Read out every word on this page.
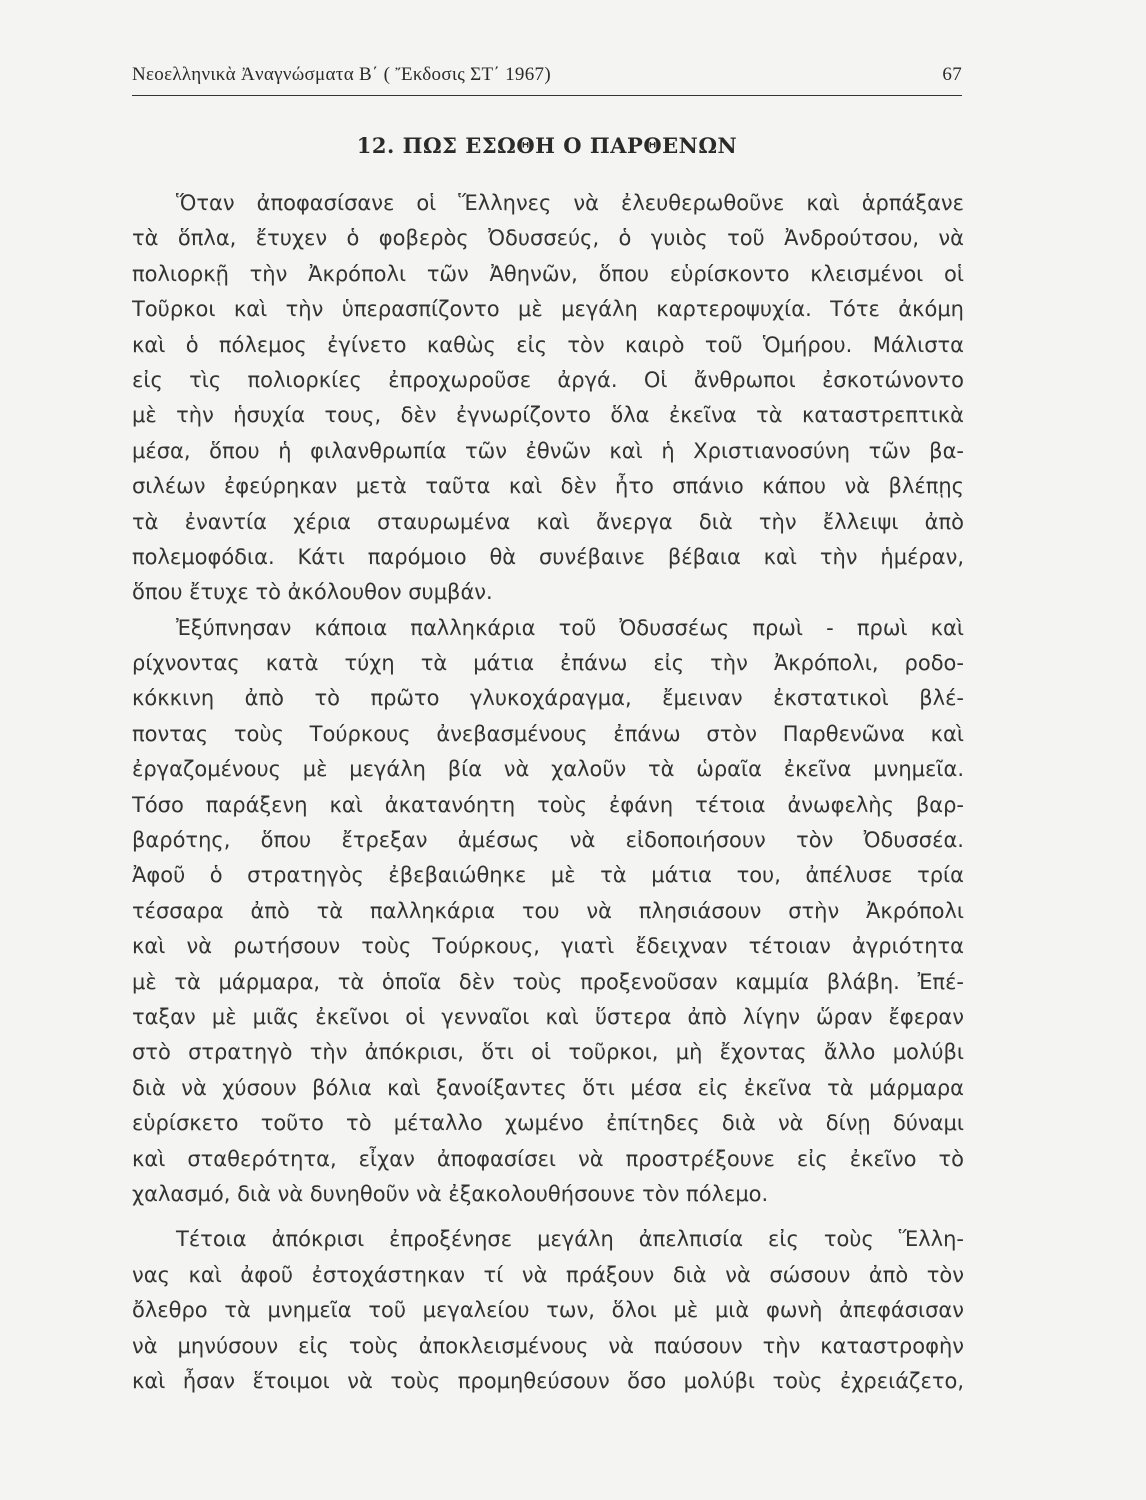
Νεοελληνικὰ Ἀναγνώσματα Β΄ ( Ἔκδοσις ΣΤ΄ 1967)	67
12. ΠΩΣ ΕΣΩΘΗ Ο ΠΑΡΘΕΝΩΝ
Ὅταν ἀποφασίσανε οἱ Ἕλληνες νὰ ἐλευθερωθοῦνε καὶ ἁρπάξανε
τὰ ὅπλα, ἔτυχεν ὁ φοβερὸς Ὀδυσσεύς, ὁ γυιὸς τοῦ Ἀνδρούτσου, νὰ
πολιορκῇ τὴν Ἀκρόπολι τῶν Ἀθηνῶν, ὅπου εὑρίσκοντο κλεισμένοι οἱ
Τοῦρκοι καὶ τὴν ὑπερασπίζοντο μὲ μεγάλη καρτεροψυχία. Τότε ἀκόμη
καὶ ὁ πόλεμος ἐγίνετο καθὼς εἰς τὸν καιρὸ τοῦ Ὁμήρου. Μάλιστα
εἰς τὶς πολιορκίες ἐπροχωροῦσε ἀργά. Οἱ ἄνθρωποι ἐσκοτώνοντο
μὲ τὴν ἡσυχία τους, δὲν ἐγνωρίζοντο ὅλα ἐκεῖνα τὰ καταστρεπτικὰ
μέσα, ὅπου ἡ φιλανθρωπία τῶν ἐθνῶν καὶ ἡ Χριστιανοσύνη τῶν βα-
σιλέων ἐφεύρηκαν μετὰ ταῦτα καὶ δὲν ἦτο σπάνιο κάπου νὰ βλέπῃς
τὰ ἐναντία χέρια σταυρωμένα καὶ ἄνεργα διὰ τὴν ἔλλειψι ἀπὸ
πολεμοφόδια. Κάτι παρόμοιο θὰ συνέβαινε βέβαια καὶ τὴν ἡμέραν,
ὅπου ἔτυχε τὸ ἀκόλουθον συμβάν.
Ἐξύπνησαν κάποια παλληκάρια τοῦ Ὀδυσσέως πρωὶ - πρωὶ καὶ
ρίχνοντας κατὰ τύχη τὰ μάτια ἐπάνω εἰς τὴν Ἀκρόπολι, ροδο-
κόκκινη ἀπὸ τὸ πρῶτο γλυκοχάραγμα, ἔμειναν ἐκστατικοὶ βλέ-
ποντας τοὺς Τούρκους ἀνεβασμένους ἐπάνω στὸν Παρθενῶνα καὶ
ἐργαζομένους μὲ μεγάλη βία νὰ χαλοῦν τὰ ὡραῖα ἐκεῖνα μνημεῖα.
Τόσο παράξενη καὶ ἀκατανόητη τοὺς ἐφάνη τέτοια ἀνωφελὴς βαρ-
βαρότης, ὅπου ἔτρεξαν ἀμέσως νὰ εἰδοποιήσουν τὸν Ὀδυσσέα.
Ἀφοῦ ὁ στρατηγὸς ἐβεβαιώθηκε μὲ τὰ μάτια του, ἀπέλυσε τρία
τέσσαρα ἀπὸ τὰ παλληκάρια του νὰ πλησιάσουν στὴν Ἀκρόπολι
καὶ νὰ ρωτήσουν τοὺς Τούρκους, γιατὶ ἔδειχναν τέτοιαν ἀγριότητα
μὲ τὰ μάρμαρα, τὰ ὁποῖα δὲν τοὺς προξενοῦσαν καμμία βλάβη. Ἐπέ-
ταξαν μὲ μιᾶς ἐκεῖνοι οἱ γενναῖοι καὶ ὕστερα ἀπὸ λίγην ὥραν ἔφεραν
στὸ στρατηγὸ τὴν ἀπόκρισι, ὅτι οἱ τοῦρκοι, μὴ ἔχοντας ἄλλο μολύβι
διὰ νὰ χύσουν βόλια καὶ ξανοίξαντες ὅτι μέσα εἰς ἐκεῖνα τὰ μάρμαρα
εὑρίσκετο τοῦτο τὸ μέταλλο χωμένο ἐπίτηδες διὰ νὰ δίνῃ δύναμι
καὶ σταθερότητα, εἶχαν ἀποφασίσει νὰ προστρέξουνε εἰς ἐκεῖνο τὸ
χαλασμό, διὰ νὰ δυνηθοῦν νὰ ἐξακολουθήσουνε τὸν πόλεμο.
Τέτοια ἀπόκρισι ἐπροξένησε μεγάλη ἀπελπισία εἰς τοὺς Ἕλλη-
νας καὶ ἀφοῦ ἐστοχάστηκαν τί νὰ πράξουν διὰ νὰ σώσουν ἀπὸ τὸν
ὄλεθρο τὰ μνημεῖα τοῦ μεγαλείου των, ὅλοι μὲ μιὰ φωνὴ ἀπεφάσισαν
νὰ μηνύσουν εἰς τοὺς ἀποκλεισμένους νὰ παύσουν τὴν καταστροφὴν
καὶ ἦσαν ἕτοιμοι νὰ τοὺς προμηθεύσουν ὅσο μολύβι τοὺς ἐχρειάζετο,
